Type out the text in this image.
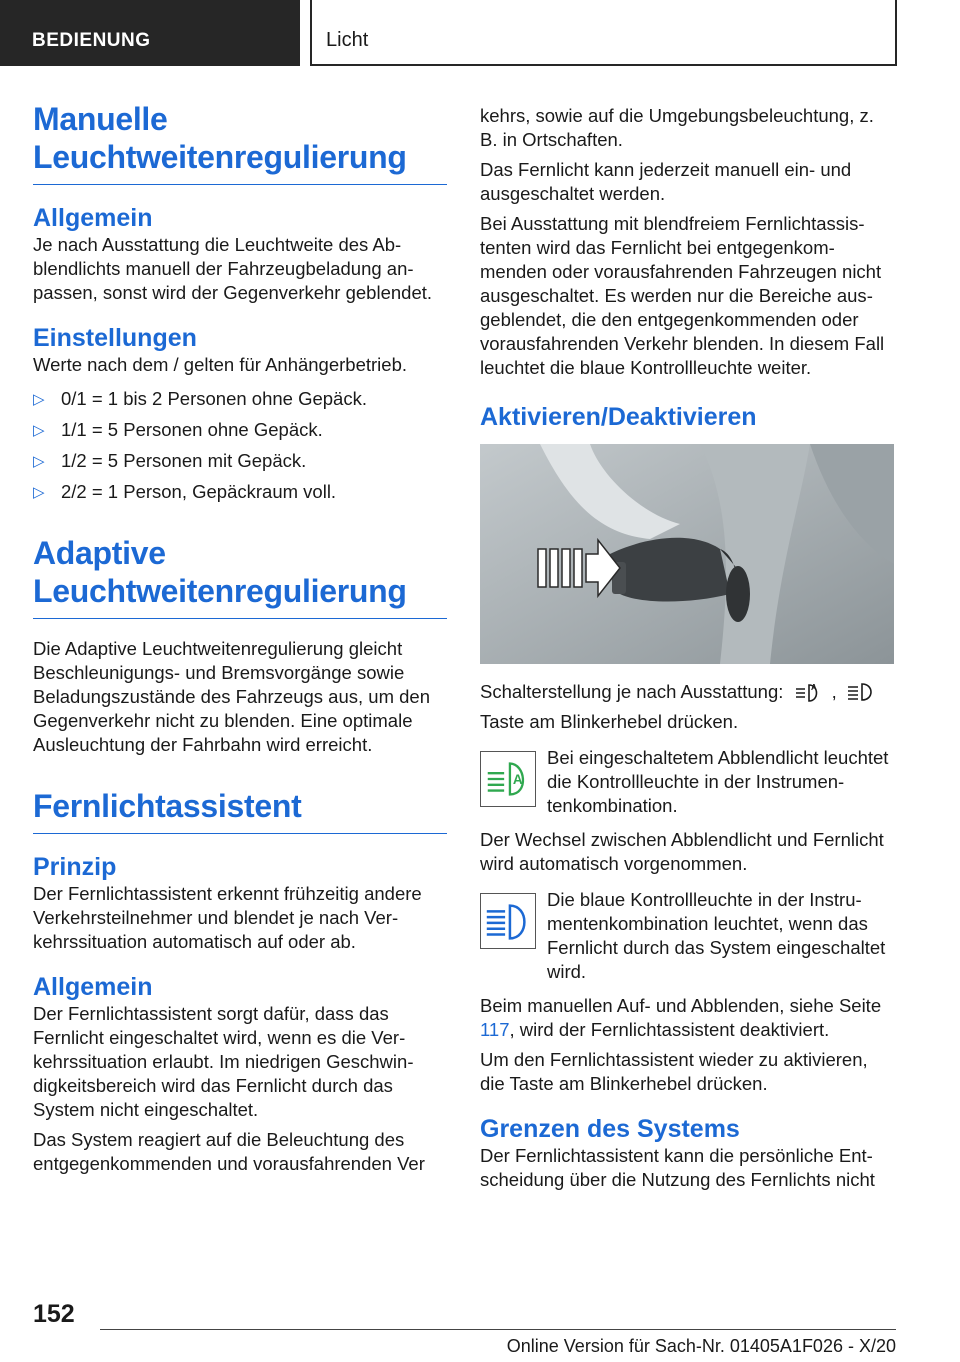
BEDIENUNG	Licht
Manuelle Leuchtweitenregulierung
Allgemein

Je nach Ausstattung die Leuchtweite des Abblendlichts manuell der Fahrzeugbeladung anpassen, sonst wird der Gegenverkehr geblendet.

Einstellungen

Werte nach dem / gelten für Anhängerbetrieb.

▷ 0/1 = 1 bis 2 Personen ohne Gepäck.
▷ 1/1 = 5 Personen ohne Gepäck.
▷ 1/2 = 5 Personen mit Gepäck.
▷ 2/2 = 1 Person, Gepäckraum voll.
Adaptive Leuchtweitenregulierung

Die Adaptive Leuchtweitenregulierung gleicht Beschleunigungs- und Bremsvorgänge sowie Beladungszustände des Fahrzeugs aus, um den Gegenverkehr nicht zu blenden. Eine optimale Ausleuchtung der Fahrbahn wird erreicht.

Fernlichtassistent
Prinzip

Der Fernlichtassistent erkennt frühzeitig andere Verkehrsteilnehmer und blendet je nach Verkehrssituation automatisch auf oder ab.

Allgemein

Der Fernlichtassistent sorgt dafür, dass das Fernlicht eingeschaltet wird, wenn es die Verkehrssituation erlaubt. Im niedrigen Geschwindigkeitsbereich wird das Fernlicht durch das System nicht eingeschaltet.

Das System reagiert auf die Beleuchtung des entgegenkommenden und vorausfahrenden Ver

kehrs, sowie auf die Umgebungsbeleuchtung, z. B. in Ortschaften.

Das Fernlicht kann jederzeit manuell ein- und ausgeschaltet werden.

Bei Ausstattung mit blendfreiem Fernlichtassistenten wird das Fernlicht bei entgegenkommenden oder vorausfahrenden Fahrzeugen nicht ausgeschaltet. Es werden nur die Bereiche ausgeblendet, die den entgegenkommenden oder vorausfahrenden Verkehr blenden. In diesem Fall leuchtet die blaue Kontrollleuchte weiter.

Aktivieren/Deaktivieren

Schalterstellung je nach Ausstattung:	A ,

Taste am Blinkerhebel drücken.

A
Bei eingeschaltetem Abblendlicht leuchtet die Kontrollleuchte in der Instrumentenkombination.

Der Wechsel zwischen Abblendlicht und Fernlicht wird automatisch vorgenommen.

Die blaue Kontrollleuchte in der Instrumentenkombination leuchtet, wenn das Fernlicht durch das System eingeschaltet wird.

Beim manuellen Auf- und Abblenden, siehe Seite 117, wird der Fernlichtassistent deaktiviert.

Um den Fernlichtassistent wieder zu aktivieren, die Taste am Blinkerhebel drücken.

Grenzen des Systems

Der Fernlichtassistent kann die persönliche Entscheidung über die Nutzung des Fernlichts nicht

152
Online Version für Sach-Nr. 01405A1F026 - X/20
